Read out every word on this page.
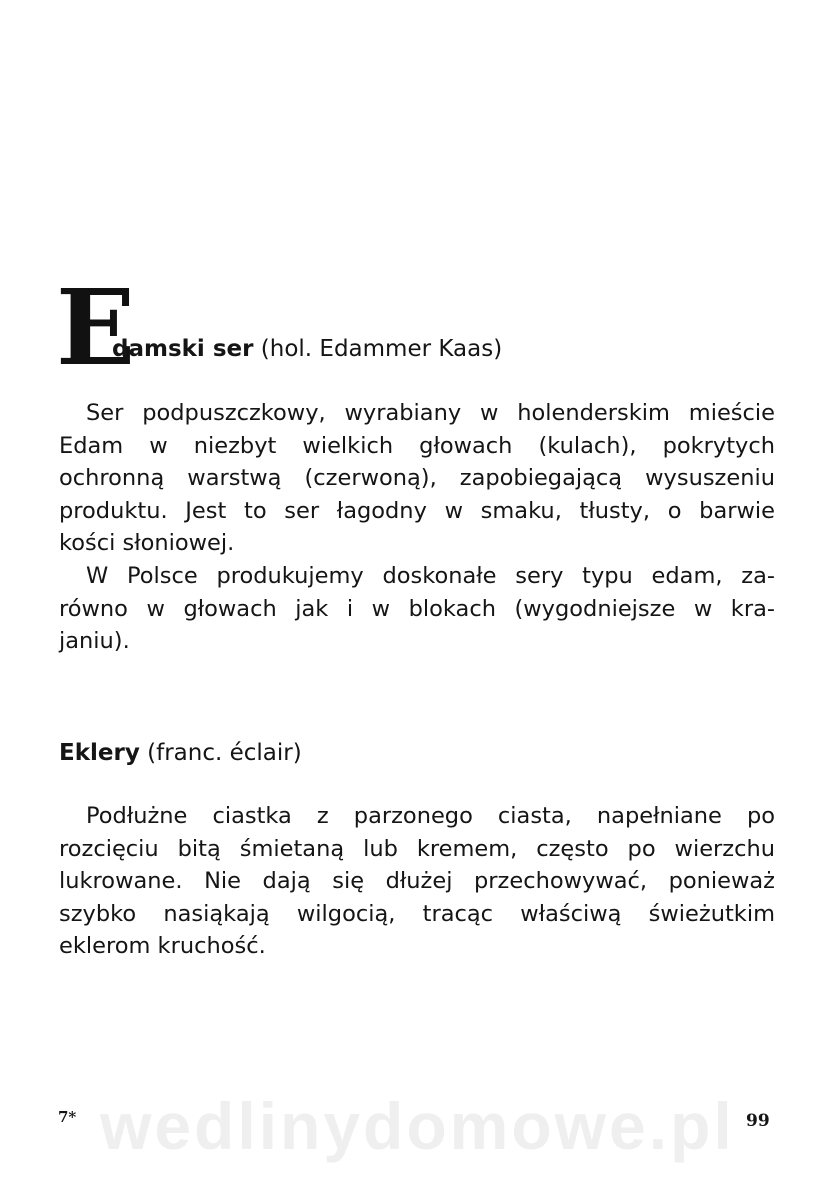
wedlinydomowe.pl
E
damski ser (hol. Edammer Kaas)
Ser podpuszczkowy, wyrabiany w holenderskim mieście
Edam w niezbyt wielkich głowach (kulach), pokrytych
ochronną warstwą (czerwoną), zapobiegającą wysuszeniu
produktu. Jest to ser łagodny w smaku, tłusty, o barwie
kości słoniowej.
W Polsce produkujemy doskonałe sery typu edam, za-
równo w głowach jak i w blokach (wygodniejsze w kra-
janiu).
Eklery (franc. éclair)
Podłużne ciastka z parzonego ciasta, napełniane po
rozcięciu bitą śmietaną lub kremem, często po wierzchu
lukrowane. Nie dają się dłużej przechowywać, ponieważ
szybko nasiąkają wilgocią, tracąc właściwą świeżutkim
eklerom kruchość.
7*	99
